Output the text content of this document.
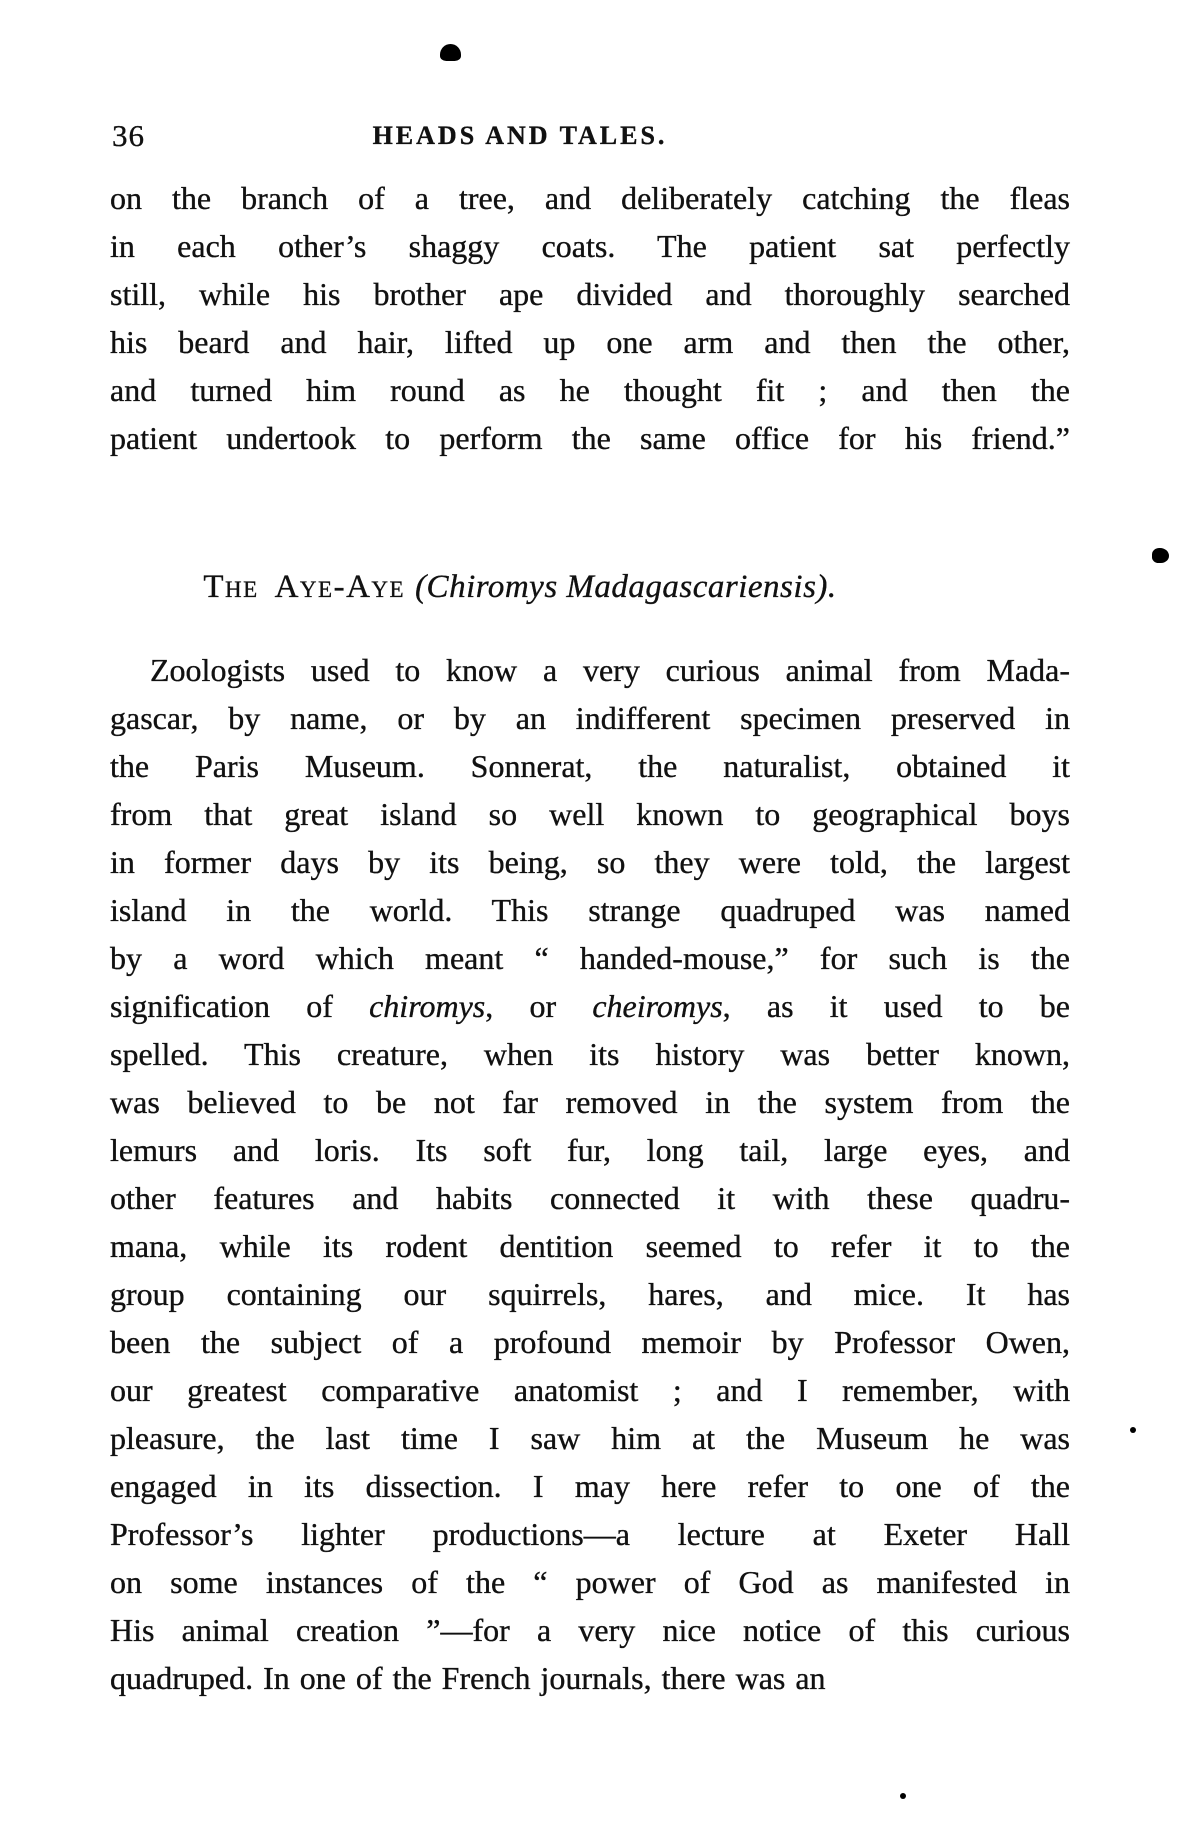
36	HEADS AND TALES.
on the branch of a tree, and deliberately catching the fleas
in each other’s shaggy coats. The patient sat perfectly
still, while his brother ape divided and thoroughly searched
his beard and hair, lifted up one arm and then the other,
and turned him round as he thought fit ; and then the
patient undertook to perform the same office for his friend.”
The Aye-Aye (Chiromys Madagascariensis).
Zoologists used to know a very curious animal from Mada-
gascar, by name, or by an indifferent specimen preserved in
the Paris Museum. Sonnerat, the naturalist, obtained it
from that great island so well known to geographical boys
in former days by its being, so they were told, the largest
island in the world. This strange quadruped was named
by a word which meant “ handed-mouse,” for such is the
signification of chiromys, or cheiromys, as it used to be
spelled. This creature, when its history was better known,
was believed to be not far removed in the system from the
lemurs and loris. Its soft fur, long tail, large eyes, and
other features and habits connected it with these quadru-
mana, while its rodent dentition seemed to refer it to the
group containing our squirrels, hares, and mice. It has
been the subject of a profound memoir by Professor Owen,
our greatest comparative anatomist ; and I remember, with
pleasure, the last time I saw him at the Museum he was
engaged in its dissection. I may here refer to one of the
Professor’s lighter productions—a lecture at Exeter Hall
on some instances of the “ power of God as manifested in
His animal creation ”—for a very nice notice of this curious
quadruped. In one of the French journals, there was an
